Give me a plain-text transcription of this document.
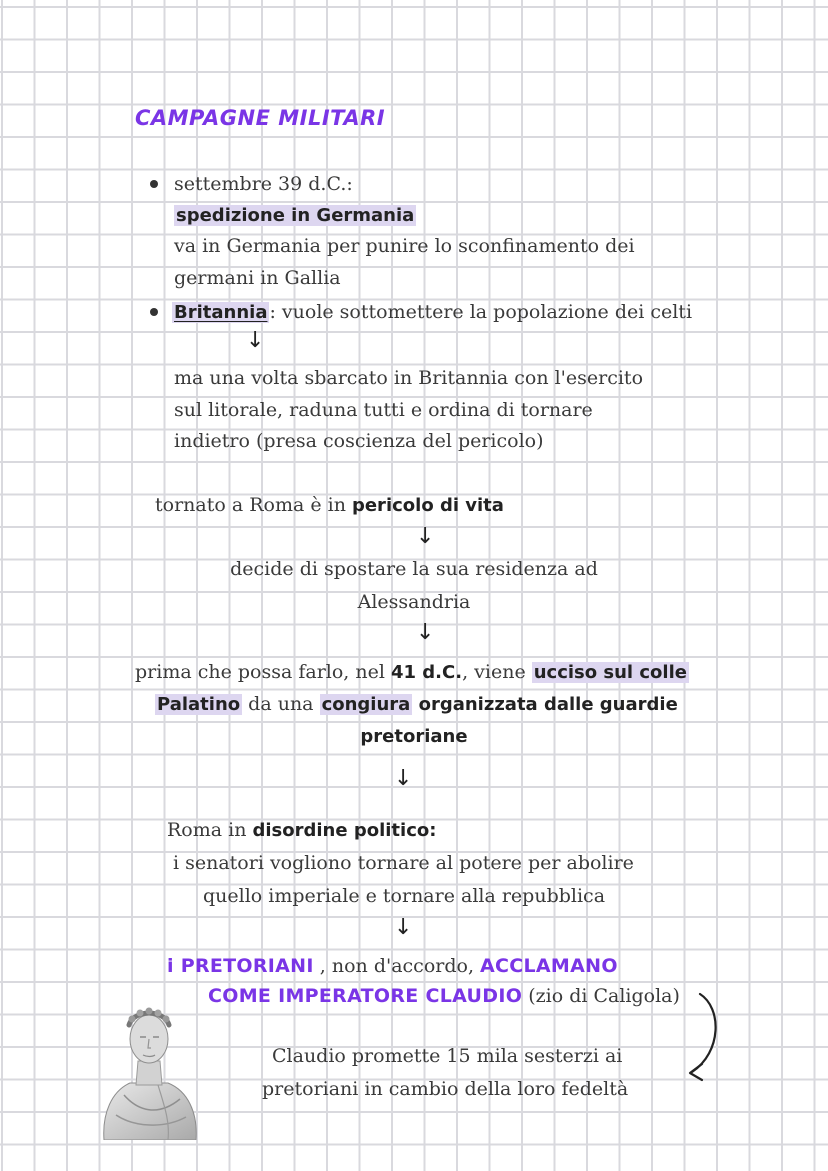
CAMPAGNE MILITARI
settembre 39 d.C.:
spedizione in Germania
va in Germania per punire lo sconfinamento dei
germani in Gallia
Britannia : vuole sottomettere la popolazione dei celti
↓
ma una volta sbarcato in Britannia con l'esercito
sul litorale, raduna tutti e ordina di tornare
indietro (presa coscienza del pericolo)
tornato a Roma è in pericolo di vita
↓
decide di spostare la sua residenza ad
Alessandria
↓
prima che possa farlo, nel 41 d.C., viene ucciso sul colle
Palatino da una congiura organizzata dalle guardie
pretoriane
↓
Roma in disordine politico:
i senatori vogliono tornare al potere per abolire
quello imperiale e tornare alla repubblica
↓
i PRETORIANI , non d'accordo, ACCLAMANO
COME IMPERATORE CLAUDIO (zio di Caligola)
Claudio promette 15 mila sesterzi ai
pretoriani in cambio della loro fedeltà
